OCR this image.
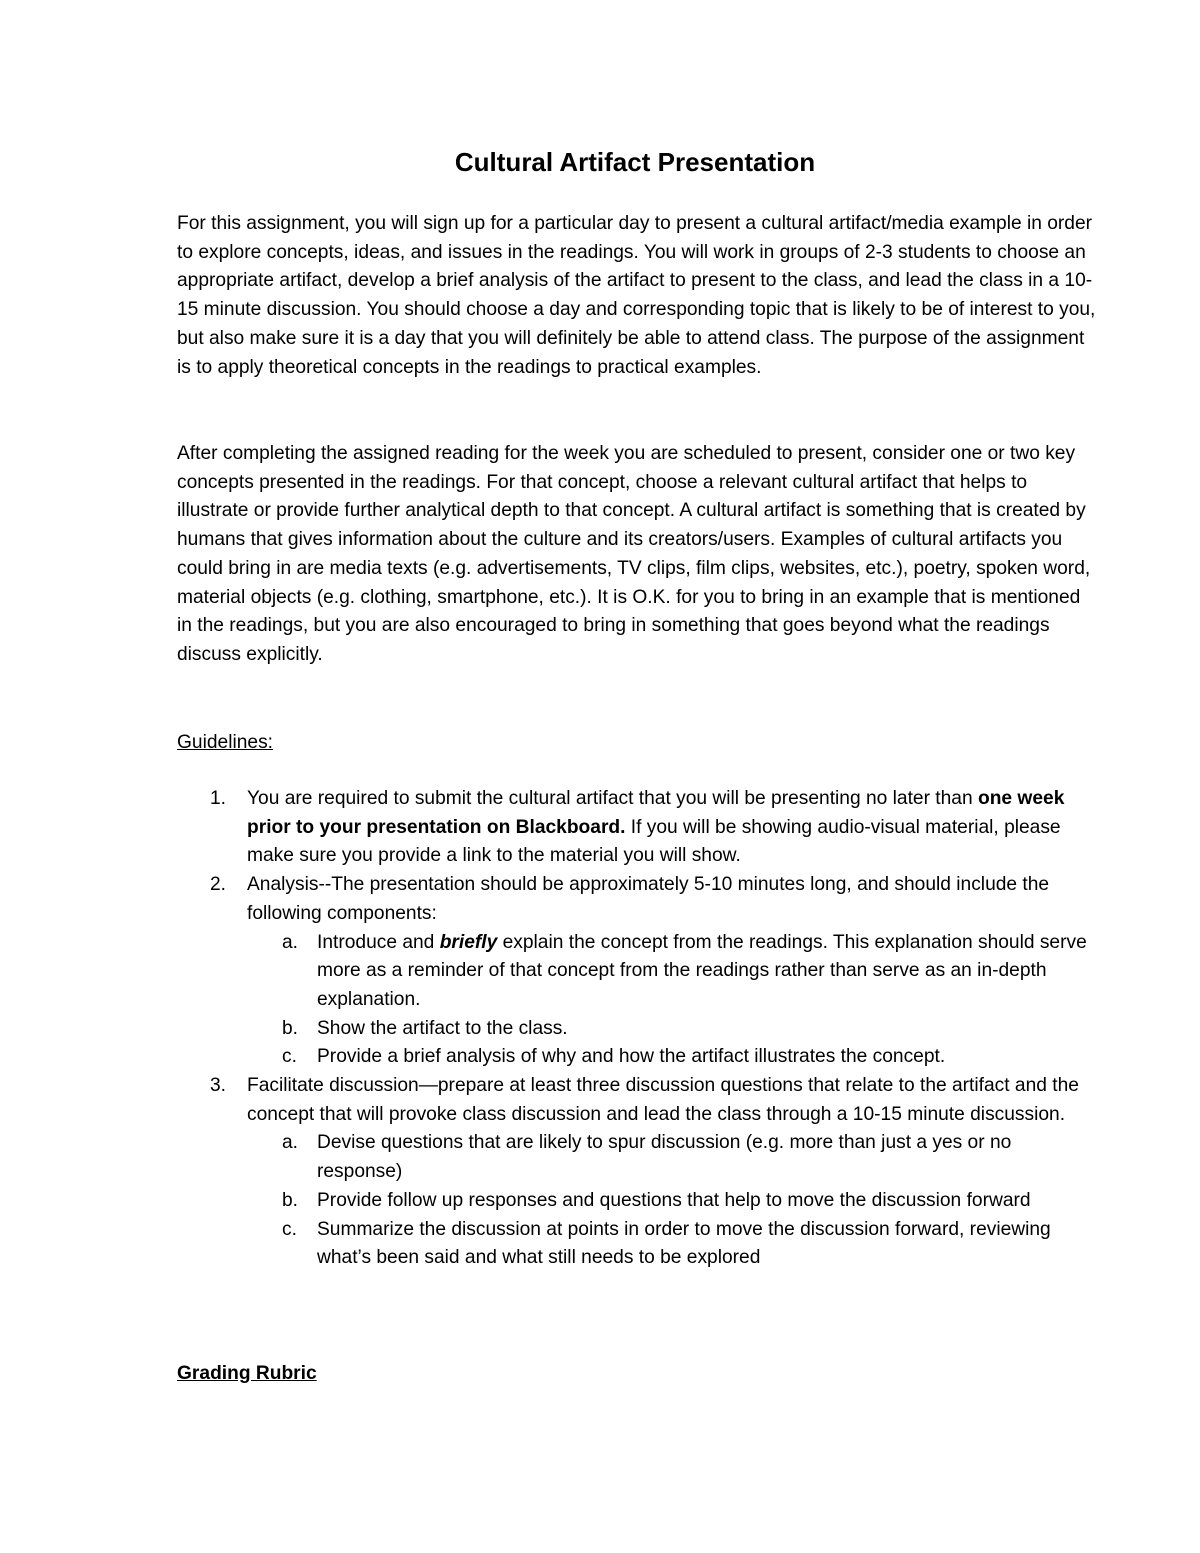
Cultural Artifact Presentation

For this assignment, you will sign up for a particular day to present a cultural artifact/media example in order to explore concepts, ideas, and issues in the readings. You will work in groups of 2-3 students to choose an appropriate artifact, develop a brief analysis of the artifact to present to the class, and lead the class in a 10-15 minute discussion. You should choose a day and corresponding topic that is likely to be of interest to you, but also make sure it is a day that you will definitely be able to attend class. The purpose of the assignment is to apply theoretical concepts in the readings to practical examples.

After completing the assigned reading for the week you are scheduled to present, consider one or two key concepts presented in the readings. For that concept, choose a relevant cultural artifact that helps to illustrate or provide further analytical depth to that concept. A cultural artifact is something that is created by humans that gives information about the culture and its creators/users. Examples of cultural artifacts you could bring in are media texts (e.g. advertisements, TV clips, film clips, websites, etc.), poetry, spoken word, material objects (e.g. clothing, smartphone, etc.). It is O.K. for you to bring in an example that is mentioned in the readings, but you are also encouraged to bring in something that goes beyond what the readings discuss explicitly.

Guidelines:
1.	You are required to submit the cultural artifact that you will be presenting no later than one week prior to your presentation on Blackboard. If you will be showing audio-visual material, please make sure you provide a link to the material you will show.
2.	Analysis--The presentation should be approximately 5-10 minutes long, and should include the following components:
a. Introduce and briefly explain the concept from the readings. This explanation should serve more as a reminder of that concept from the readings rather than serve as an in-depth explanation.
b. Show the artifact to the class.
c.	Provide a brief analysis of why and how the artifact illustrates the concept.
3.	Facilitate discussion—prepare at least three discussion questions that relate to the artifact and the concept that will provoke class discussion and lead the class through a 10-15 minute discussion.
a. Devise questions that are likely to spur discussion (e.g. more than just a yes or no response)
b. Provide follow up responses and questions that help to move the discussion forward
c.	Summarize the discussion at points in order to move the discussion forward, reviewing what’s been said and what still needs to be explored
Grading Rubric
